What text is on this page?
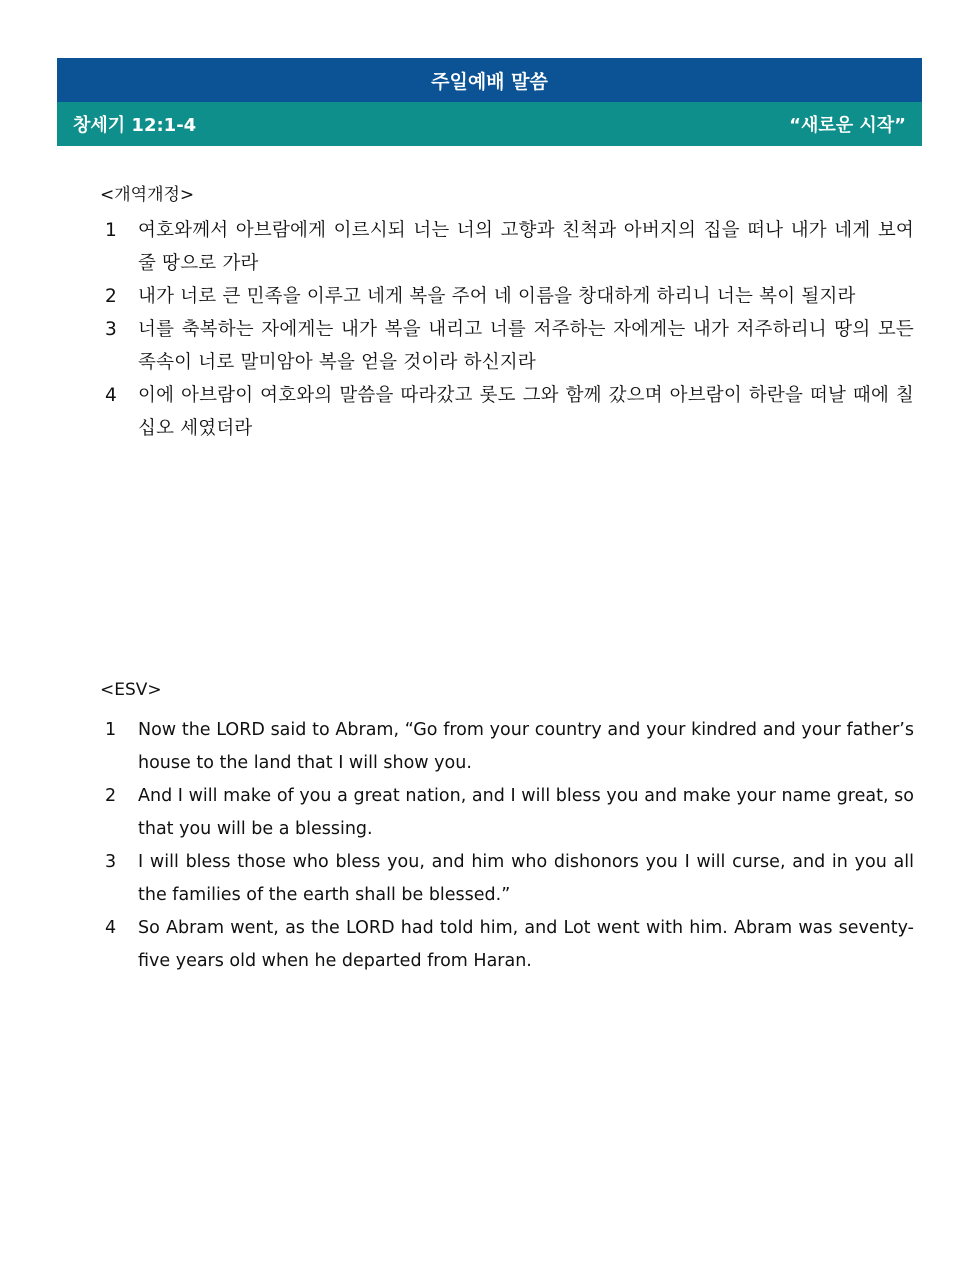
주일예배 말씀
창세기 12:1-4	“새로운 시작”
<개역개정>
1	여호와께서 아브람에게 이르시되 너는 너의 고향과 친척과 아버지의 집을 떠나 내가 네게 보여 줄 땅으로 가라
2	내가 너로 큰 민족을 이루고 네게 복을 주어 네 이름을 창대하게 하리니 너는 복이 될지라
3	너를 축복하는 자에게는 내가 복을 내리고 너를 저주하는 자에게는 내가 저주하리니 땅의 모든 족속이 너로 말미암아 복을 얻을 것이라 하신지라
4	이에 아브람이 여호와의 말씀을 따라갔고 롯도 그와 함께 갔으며 아브람이 하란을 떠날 때에 칠십오 세였더라
<ESV>
1	Now the LORD said to Abram, “Go from your country and your kindred and your father’s house to the land that I will show you.
2	And I will make of you a great nation, and I will bless you and make your name great, so that you will be a blessing.
3	I will bless those who bless you, and him who dishonors you I will curse, and in you all the families of the earth shall be blessed.”
4	So Abram went, as the LORD had told him, and Lot went with him. Abram was seventy-five years old when he departed from Haran.
